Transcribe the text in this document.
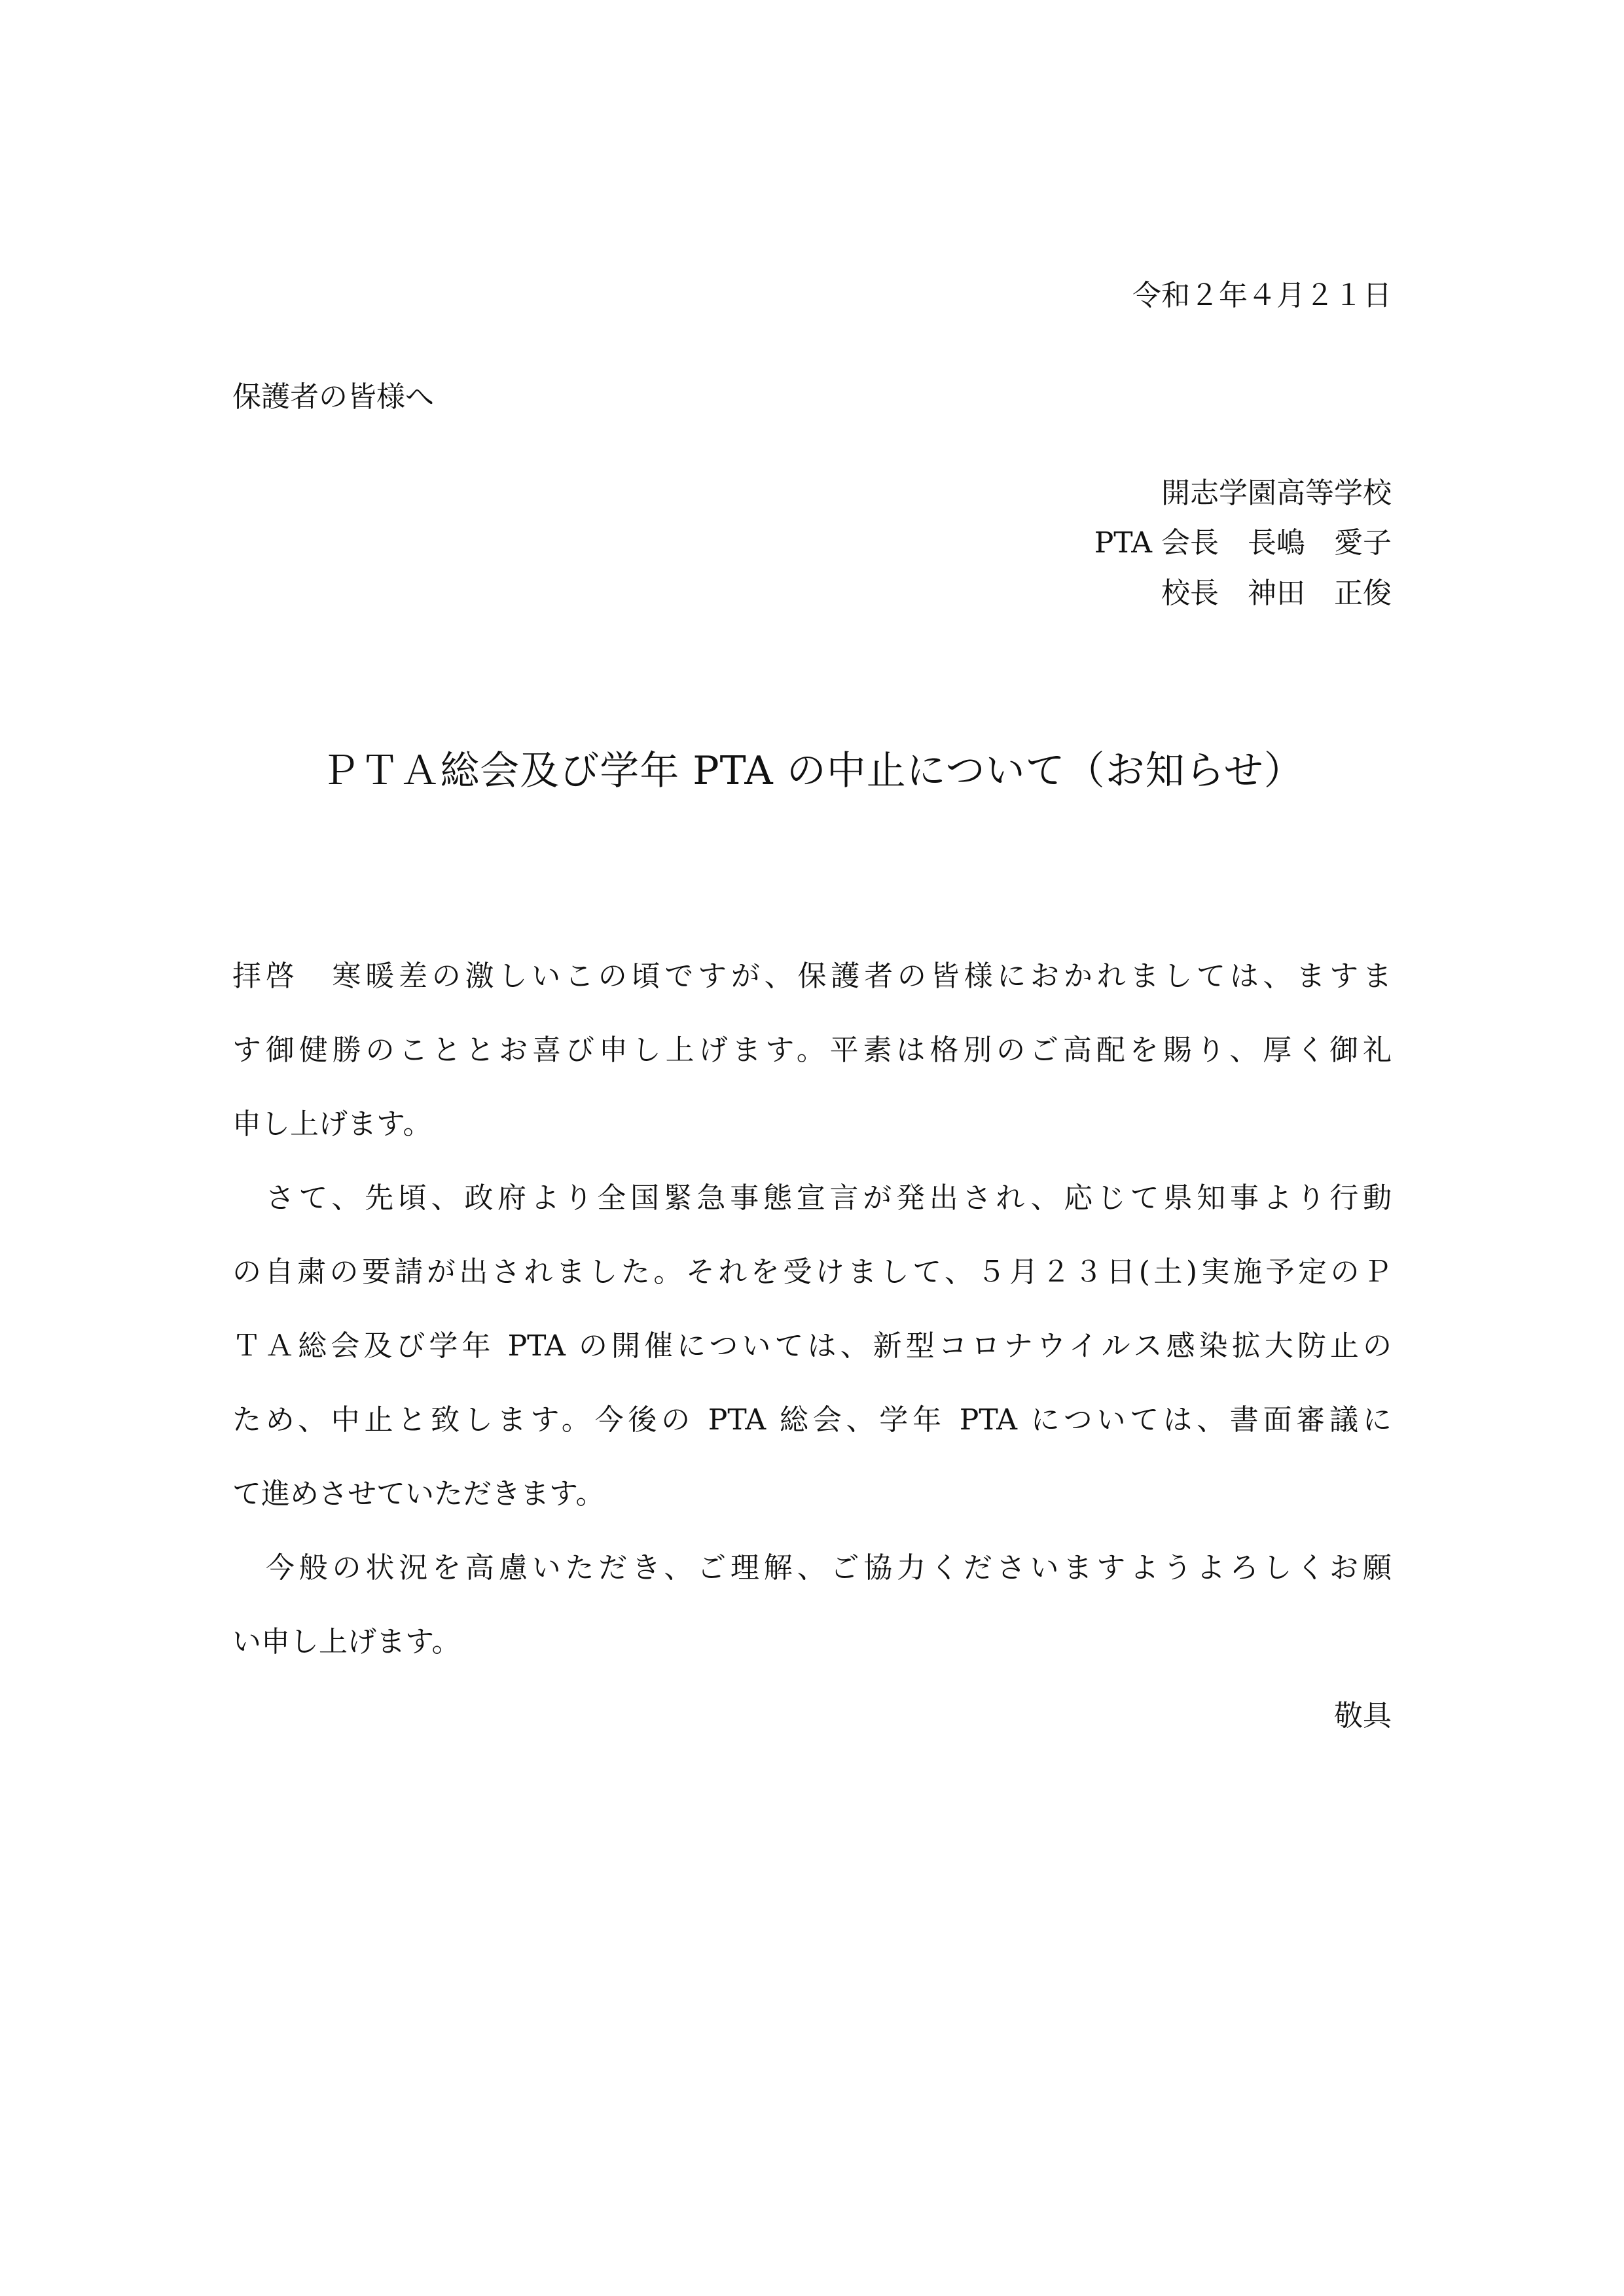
令和２年４月２１日
保護者の皆様へ
開志学園高等学校
PTA 会長　長嶋　愛子
校長　神田　正俊
ＰＴＡ総会及び学年 PTA の中止について（お知らせ）
拝啓　寒暖差の激しいこの頃ですが、保護者の皆様におかれましては、ますま
す御健勝のこととお喜び申し上げます。平素は格別のご高配を賜り、厚く御礼
申し上げます。
　さて、先頃、政府より全国緊急事態宣言が発出され、応じて県知事より行動
の自粛の要請が出されました。それを受けまして、５月２３日(土)実施予定のＰ
ＴＡ総会及び学年 PTA の開催については、新型コロナウイルス感染拡大防止の
ため、中止と致します。今後の PTA 総会、学年 PTA については、書面審議に
て進めさせていただきます。
　今般の状況を高慮いただき、ご理解、ご協力くださいますようよろしくお願
い申し上げます。
敬具
